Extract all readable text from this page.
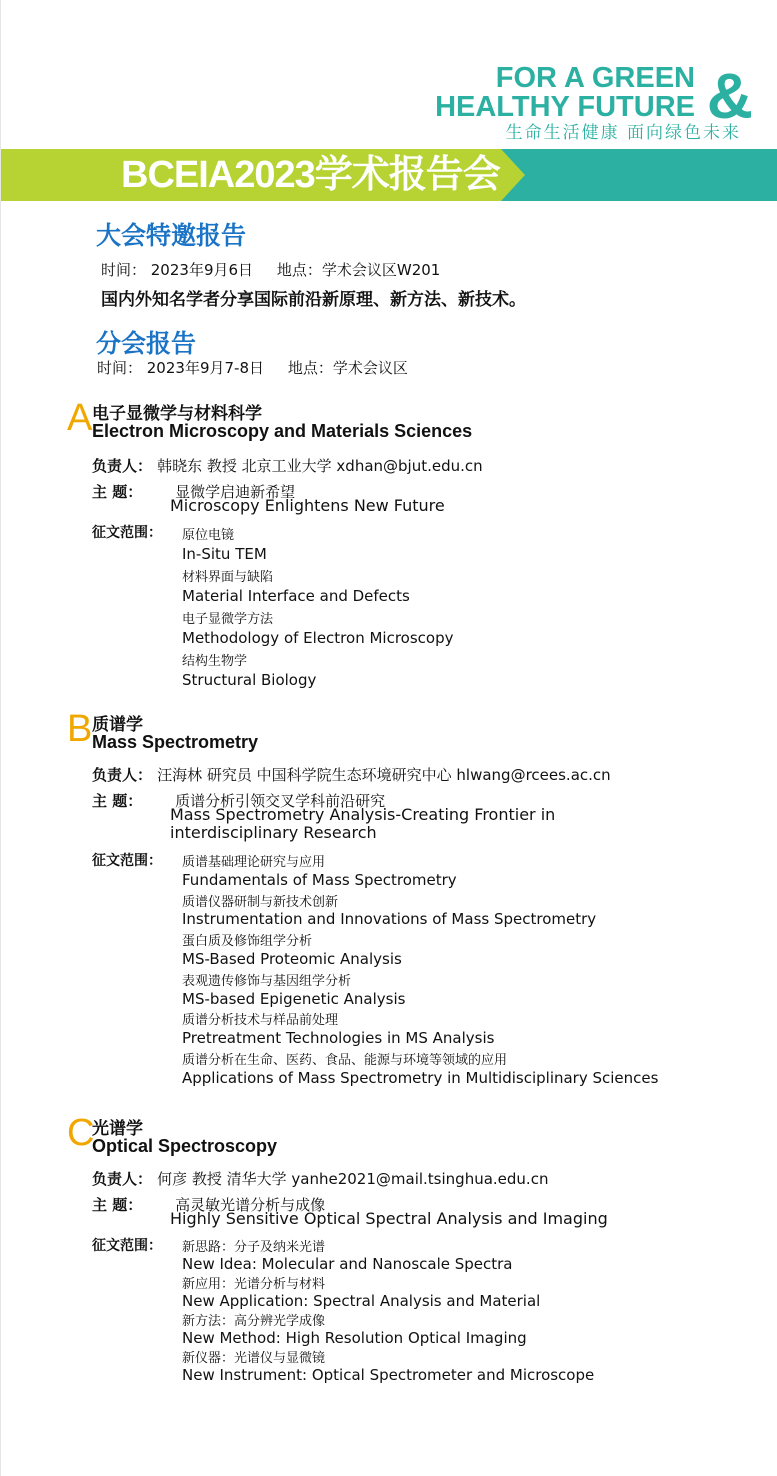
FOR A GREEN
HEALTHY FUTURE &
生命生活健康 面向绿色未来
BCEIA2023学术报告会
大会特邀报告
时间： 2023年9月6日     地点：学术会议区W201
国内外知名学者分享国际前沿新原理、新方法、新技术。
分会报告
时间： 2023年9月7-8日     地点：学术会议区
A 电子显微学与材料科学
Electron Microscopy and Materials Sciences
负责人： 韩晓东 教授 北京工业大学 xdhan@bjut.edu.cn
主 题： 显微学启迪新希望
Microscopy Enlightens New Future
征文范围： 原位电镜
In-Situ TEM
材料界面与缺陷
Material Interface and Defects
电子显微学方法
Methodology of Electron Microscopy
结构生物学
Structural Biology
B 质谱学
Mass Spectrometry
负责人： 汪海林 研究员 中国科学院生态环境研究中心 hlwang@rcees.ac.cn
主 题： 质谱分析引领交叉学科前沿研究
Mass Spectrometry Analysis-Creating Frontier in
interdisciplinary Research
征文范围： 质谱基础理论研究与应用
Fundamentals of Mass Spectrometry
质谱仪器研制与新技术创新
Instrumentation and Innovations of Mass Spectrometry
蛋白质及修饰组学分析
MS-Based Proteomic Analysis
表观遗传修饰与基因组学分析
MS-based Epigenetic Analysis
质谱分析技术与样品前处理
Pretreatment Technologies in MS Analysis
质谱分析在生命、医药、食品、能源与环境等领域的应用
Applications of Mass Spectrometry in Multidisciplinary Sciences
C
光谱学
Optical Spectroscopy
负责人： 何彦 教授 清华大学 yanhe2021@mail.tsinghua.edu.cn
主 题： 高灵敏光谱分析与成像
Highly Sensitive Optical Spectral Analysis and Imaging
征文范围： 新思路：分子及纳米光谱
New Idea: Molecular and Nanoscale Spectra
新应用：光谱分析与材料
New Application: Spectral Analysis and Material
新方法：高分辨光学成像
New Method: High Resolution Optical Imaging
新仪器：光谱仪与显微镜
New Instrument: Optical Spectrometer and Microscope
